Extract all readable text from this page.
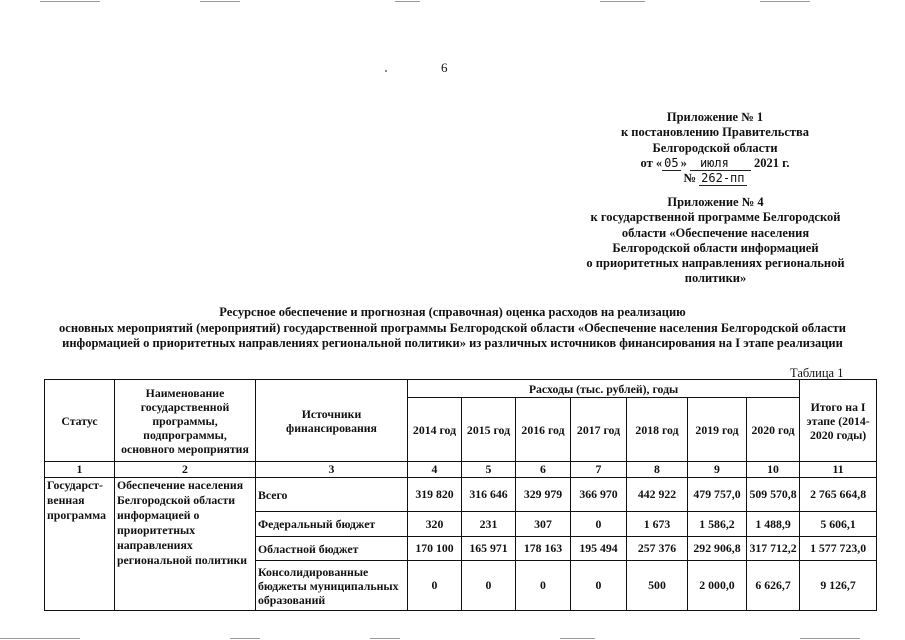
6
Приложение № 1
к постановлению Правительства
Белгородской области
от « 05 » июля 2021 г.
№ 262-пп
Приложение № 4
к государственной программе Белгородской
области «Обеспечение населения
Белгородской области информацией
о приоритетных направлениях региональной
политики»
Ресурсное обеспечение и прогнозная (справочная) оценка расходов на реализацию
основных мероприятий (мероприятий) государственной программы Белгородской области «Обеспечение населения Белгородской области
информацией о приоритетных направлениях региональной политики» из различных источников финансирования на I этапе реализации
Таблица 1
Статус	Наименование государственной программы, подпрограммы, основного мероприятия	Источники финансирования	Расходы (тыс. рублей), годы							Итого на I этапе (2014-2020 годы)
			2014 год	2015 год	2016 год	2017 год	2018 год	2019 год	2020 год	
1	2	3	4	5	6	7	8	9	10	11
Государст-венная программа	Обеспечение населения Белгородской области информацией о приоритетных направлениях региональной политики	Всего	319 820	316 646	329 979	366 970	442 922	479 757,0	509 570,8	2 765 664,8
		Федеральный бюджет	320	231	307	0	1 673	1 586,2	1 488,9	5 606,1
		Областной бюджет	170 100	165 971	178 163	195 494	257 376	292 906,8	317 712,2	1 577 723,0
		Консолидированные бюджеты муниципальных образований	0	0	0	0	500	2 000,0	6 626,7	9 126,7
